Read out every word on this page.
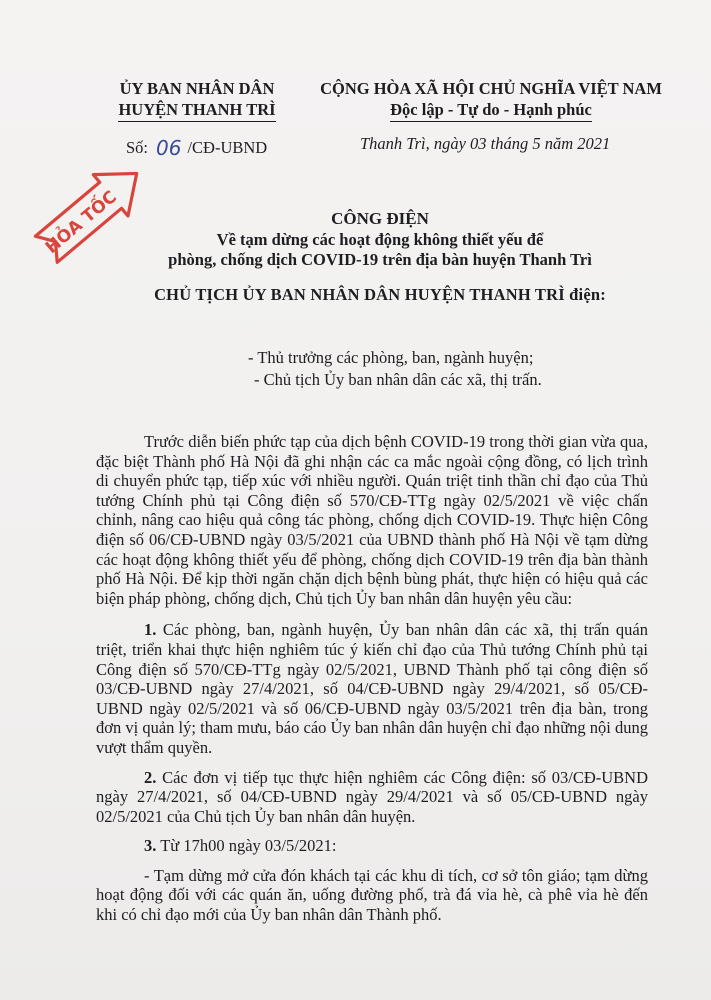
ỦY BAN NHÂN DÂN
HUYỆN THANH TRÌ
CỘNG HÒA XÃ HỘI CHỦ NGHĨA VIỆT NAM
Độc lập - Tự do - Hạnh phúc
Số: 06 /CĐ-UBND	Thanh Trì, ngày 03 tháng 5 năm 2021
HỎA TỐC	CÔNG ĐIỆN
Về tạm dừng các hoạt động không thiết yếu để
phòng, chống dịch COVID-19 trên địa bàn huyện Thanh Trì
CHỦ TỊCH ỦY BAN NHÂN DÂN HUYỆN THANH TRÌ điện:
- Thủ trưởng các phòng, ban, ngành huyện;
- Chủ tịch Ủy ban nhân dân các xã, thị trấn.

Trước diễn biến phức tạp của dịch bệnh COVID-19 trong thời gian vừa qua, đặc biệt Thành phố Hà Nội đã ghi nhận các ca mắc ngoài cộng đồng, có lịch trình di chuyển phức tạp, tiếp xúc với nhiều người. Quán triệt tinh thần chỉ đạo của Thủ tướng Chính phủ tại Công điện số 570/CĐ-TTg ngày 02/5/2021 về việc chấn chỉnh, nâng cao hiệu quả công tác phòng, chống dịch COVID-19. Thực hiện Công điện số 06/CĐ-UBND ngày 03/5/2021 của UBND thành phố Hà Nội về tạm dừng các hoạt động không thiết yếu để phòng, chống dịch COVID-19 trên địa bàn thành phố Hà Nội. Để kịp thời ngăn chặn dịch bệnh bùng phát, thực hiện có hiệu quả các biện pháp phòng, chống dịch, Chủ tịch Ủy ban nhân dân huyện yêu cầu:

1. Các phòng, ban, ngành huyện, Ủy ban nhân dân các xã, thị trấn quán triệt, triển khai thực hiện nghiêm túc ý kiến chỉ đạo của Thủ tướng Chính phủ tại Công điện số 570/CĐ-TTg ngày 02/5/2021, UBND Thành phố tại công điện số 03/CĐ-UBND ngày 27/4/2021, số 04/CĐ-UBND ngày 29/4/2021, số 05/CĐ-UBND ngày 02/5/2021 và số 06/CĐ-UBND ngày 03/5/2021 trên địa bàn, trong đơn vị quản lý; tham mưu, báo cáo Ủy ban nhân dân huyện chỉ đạo những nội dung vượt thẩm quyền.

2. Các đơn vị tiếp tục thực hiện nghiêm các Công điện: số 03/CĐ-UBND ngày 27/4/2021, số 04/CĐ-UBND ngày 29/4/2021 và số 05/CĐ-UBND ngày 02/5/2021 của Chủ tịch Ủy ban nhân dân huyện.

3. Từ 17h00 ngày 03/5/2021:

- Tạm dừng mở cửa đón khách tại các khu di tích, cơ sở tôn giáo; tạm dừng hoạt động đối với các quán ăn, uống đường phố, trà đá vỉa hè, cà phê vỉa hè đến khi có chỉ đạo mới của Ủy ban nhân dân Thành phố.
